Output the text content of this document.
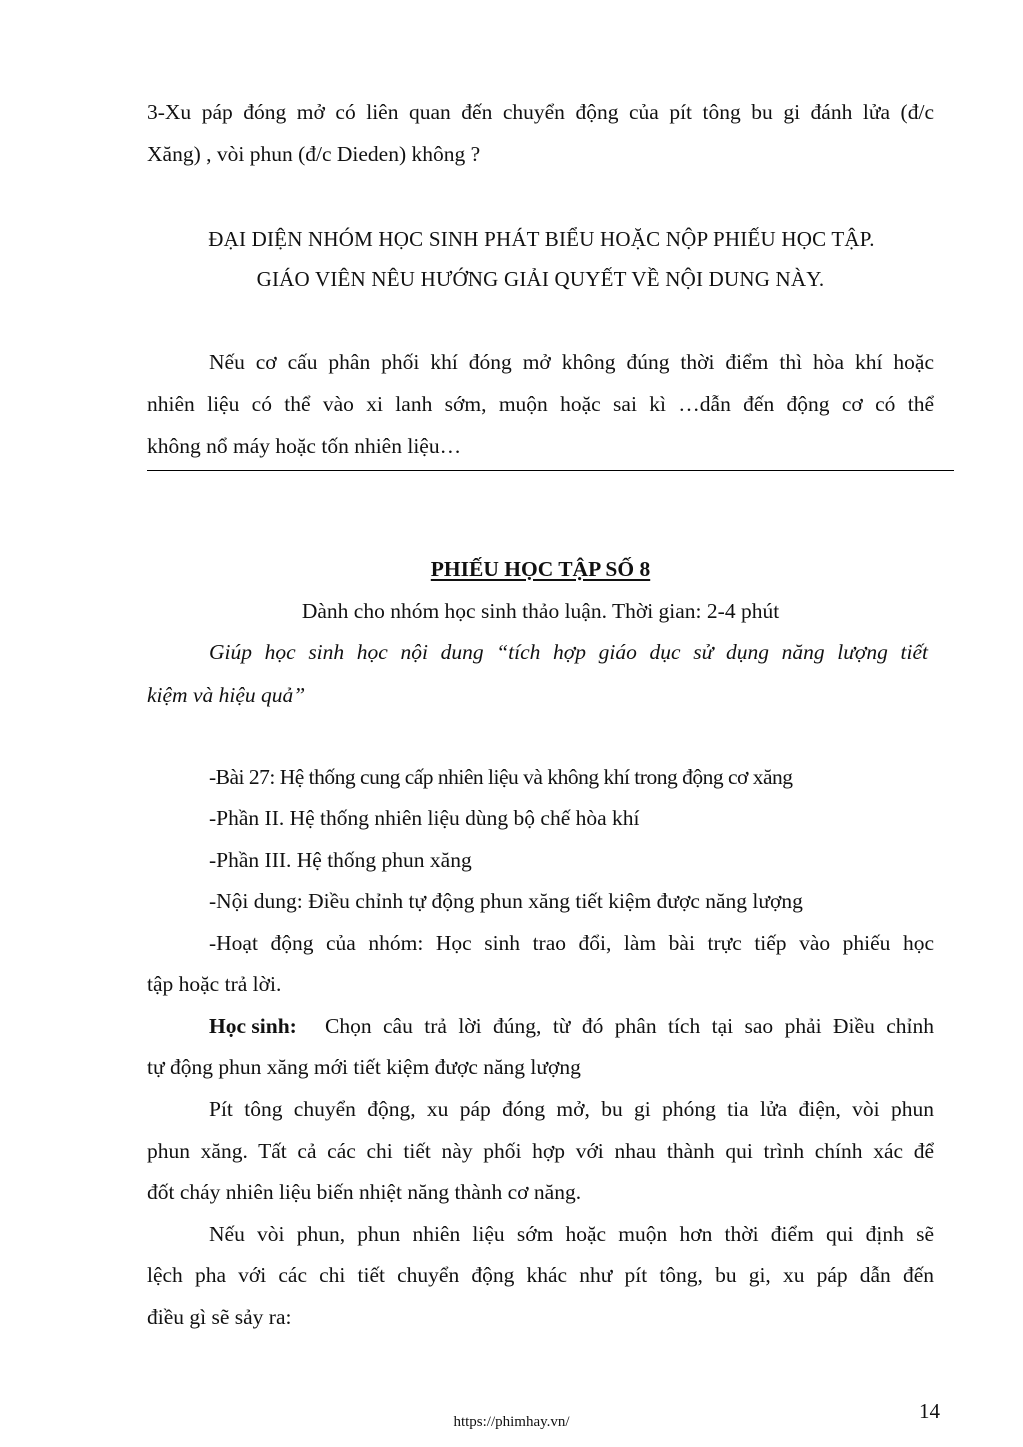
3-Xu páp đóng mở có liên quan đến chuyển động của pít tông bu gi đánh lửa (đ/c
Xăng) , vòi phun (đ/c Dieden) không ?
ĐẠI DIỆN NHÓM HỌC SINH PHÁT BIỂU HOẶC NỘP PHIẾU HỌC TẬP.
GIÁO VIÊN NÊU HƯỚNG GIẢI QUYẾT VỀ NỘI DUNG NÀY.
Nếu cơ cấu phân phối khí đóng mở không đúng thời điểm thì hòa khí hoặc
nhiên liệu có thể vào xi lanh sớm, muộn hoặc sai kì …dẫn đến động cơ có thể
không nổ máy hoặc tốn nhiên liệu…
PHIẾU HỌC TẬP SỐ 8
Dành cho nhóm học sinh thảo luận. Thời gian: 2-4 phút
Giúp học sinh học nội dung “tích hợp giáo dục sử dụng năng lượng tiết
kiệm và hiệu quả”
-Bài 27: Hệ thống cung cấp nhiên liệu và không khí trong động cơ xăng
-Phần II. Hệ thống nhiên liệu dùng bộ chế hòa khí
-Phần III. Hệ thống phun xăng
-Nội dung: Điều chỉnh tự động phun xăng tiết kiệm được năng lượng
-Hoạt động của nhóm: Học sinh trao đổi, làm bài trực tiếp vào phiếu học
tập hoặc trả lời.
Học sinh: Chọn câu trả lời đúng, từ đó phân tích tại sao phải Điều chỉnh
tự động phun xăng mới tiết kiệm được năng lượng
Pít tông chuyển động, xu páp đóng mở, bu gi phóng tia lửa điện, vòi phun
phun xăng. Tất cả các chi tiết này phối hợp với nhau thành qui trình chính xác để
đốt cháy nhiên liệu biến nhiệt năng thành cơ năng.
Nếu vòi phun, phun nhiên liệu sớm hoặc muộn hơn thời điểm qui định sẽ
lệch pha với các chi tiết chuyển động khác như pít tông, bu gi, xu páp dẫn đến
điều gì sẽ sảy ra:
14
https://phimhay.vn/
